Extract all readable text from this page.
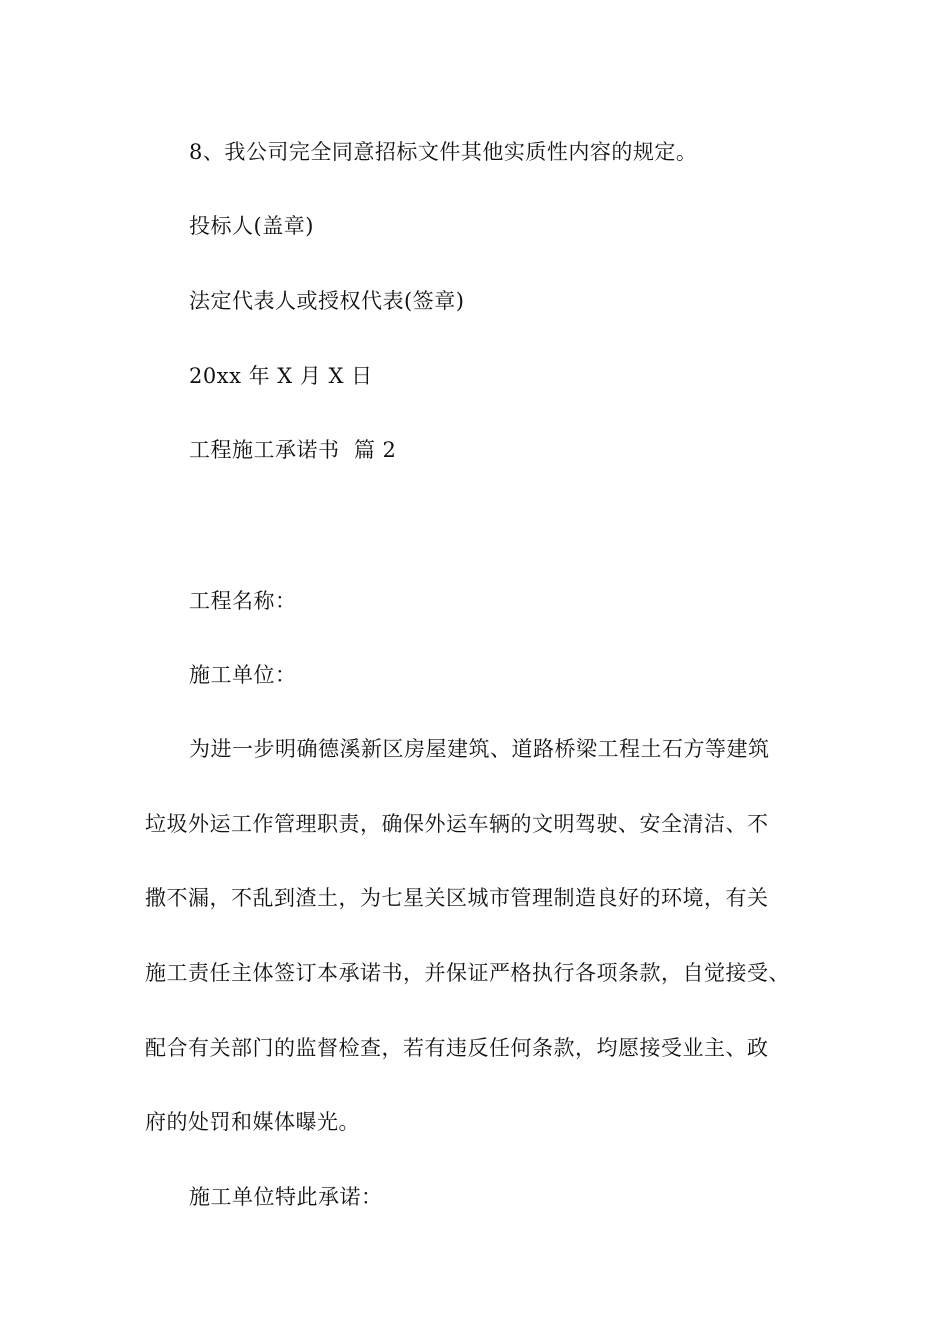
8、我公司完全同意招标文件其他实质性内容的规定。
投标人(盖章)
法定代表人或授权代表(签章)
20xx 年 X 月 X 日
工程施工承诺书  篇 2
工程名称：
施工单位：
为进一步明确德溪新区房屋建筑、道路桥梁工程土石方等建筑
垃圾外运工作管理职责，确保外运车辆的文明驾驶、安全清洁、不
撒不漏，不乱到渣土，为七星关区城市管理制造良好的环境，有关
施工责任主体签订本承诺书，并保证严格执行各项条款，自觉接受、
配合有关部门的监督检查，若有违反任何条款，均愿接受业主、政
府的处罚和媒体曝光。
施工单位特此承诺：
